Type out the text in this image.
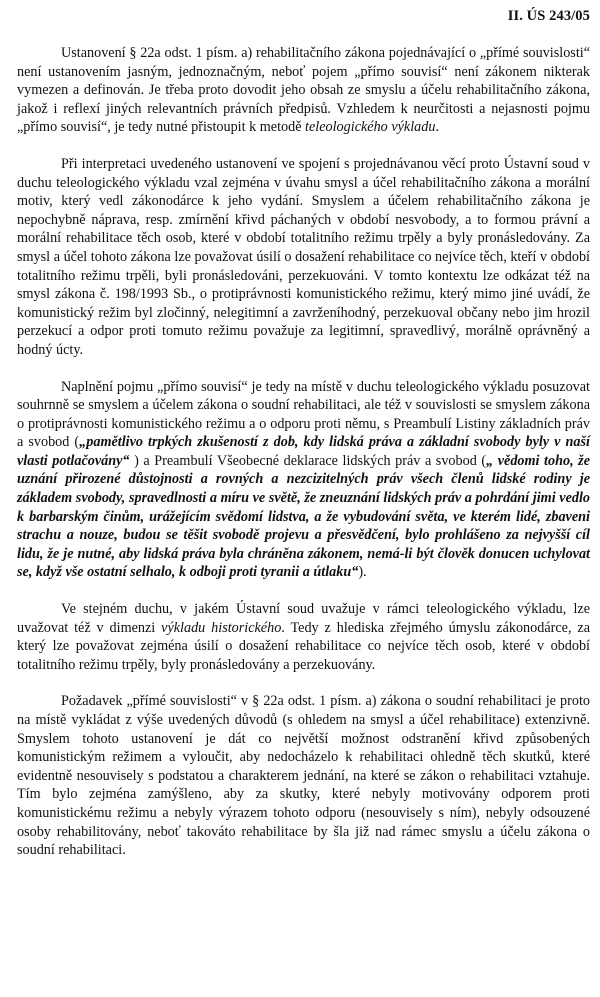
II. ÚS 243/05

Ustanovení § 22a odst. 1 písm. a) rehabilitačního zákona pojednávající o „přímé souvislosti“ není ustanovením jasným, jednoznačným, neboť pojem „přímo souvisí“ není zákonem nikterak vymezen a definován. Je třeba proto dovodit jeho obsah ze smyslu a účelu rehabilitačního zákona, jakož i reflexí jiných relevantních právních předpisů. Vzhledem k neurčitosti a nejasnosti pojmu „přímo souvisí“, je tedy nutné přistoupit k metodě teleologického výkladu.

Při interpretaci uvedeného ustanovení ve spojení s projednávanou věcí proto Ústavní soud v duchu teleologického výkladu vzal zejména v úvahu smysl a účel rehabilitačního zákona a morální motiv, který vedl zákonodárce k jeho vydání. Smyslem a účelem rehabilitačního zákona je nepochybně náprava, resp. zmírnění křivd páchaných v období nesvobody, a to formou právní a morální rehabilitace těch osob, které v období totalitního režimu trpěly a byly pronásledovány. Za smysl a účel tohoto zákona lze považovat úsilí o dosažení rehabilitace co nejvíce těch, kteří v období totalitního režimu trpěli, byli pronásledováni, perzekuováni. V tomto kontextu lze odkázat též na smysl zákona č. 198/1993 Sb., o protiprávnosti komunistického režimu, který mimo jiné uvádí, že komunistický režim byl zločinný, nelegitimní a zavrženíhodný, perzekuoval občany nebo jim hrozil perzekucí a odpor proti tomuto režimu považuje za legitimní, spravedlivý, morálně oprávněný a hodný úcty.

Naplnění pojmu „přímo souvisí“ je tedy na místě v duchu teleologického výkladu posuzovat souhrnně se smyslem a účelem zákona o soudní rehabilitaci, ale též v souvislosti se smyslem zákona o protiprávnosti komunistického režimu a o odporu proti němu, s Preambulí Listiny základních práv a svobod („pamětlivo trpkých zkušeností z dob, kdy lidská práva a základní svobody byly v naší vlasti potlačovány“ ) a Preambulí Všeobecné deklarace lidských práv a svobod („ vědomi toho, že uznání přirozené důstojnosti a rovných a nezcizitelných práv všech členů lidské rodiny je základem svobody, spravedlnosti a míru ve světě, že zneuznání lidských práv a pohrdání jimi vedlo k barbarským činům, urážejícím svědomí lidstva, a že vybudování světa, ve kterém lidé, zbaveni strachu a nouze, budou se těšit svobodě projevu a přesvědčení, bylo prohlášeno za nejvyšší cíl lidu, že je nutné, aby lidská práva byla chráněna zákonem, nemá-li být člověk donucen uchylovat se, když vše ostatní selhalo, k odboji proti tyranii a útlaku“).

Ve stejném duchu, v jakém Ústavní soud uvažuje v rámci teleologického výkladu, lze uvažovat též v dimenzi výkladu historického. Tedy z hlediska zřejmého úmyslu zákonodárce, za který lze považovat zejména úsilí o dosažení rehabilitace co nejvíce těch osob, které v období totalitního režimu trpěly, byly pronásledovány a perzekuovány.

Požadavek „přímé souvislosti“ v § 22a odst. 1 písm. a) zákona o soudní rehabilitaci je proto na místě vykládat z výše uvedených důvodů (s ohledem na smysl a účel rehabilitace) extenzivně. Smyslem tohoto ustanovení je dát co největší možnost odstranění křivd způsobených komunistickým režimem a vyloučit, aby nedocházelo k rehabilitaci ohledně těch skutků, které evidentně nesouvisely s podstatou a charakterem jednání, na které se zákon o rehabilitaci vztahuje. Tím bylo zejména zamýšleno, aby za skutky, které nebyly motivovány odporem proti komunistickému režimu a nebyly výrazem tohoto odporu (nesouvisely s ním), nebyly odsouzené osoby rehabilitovány, neboť takováto rehabilitace by šla již nad rámec smyslu a účelu zákona o soudní rehabilitaci.
